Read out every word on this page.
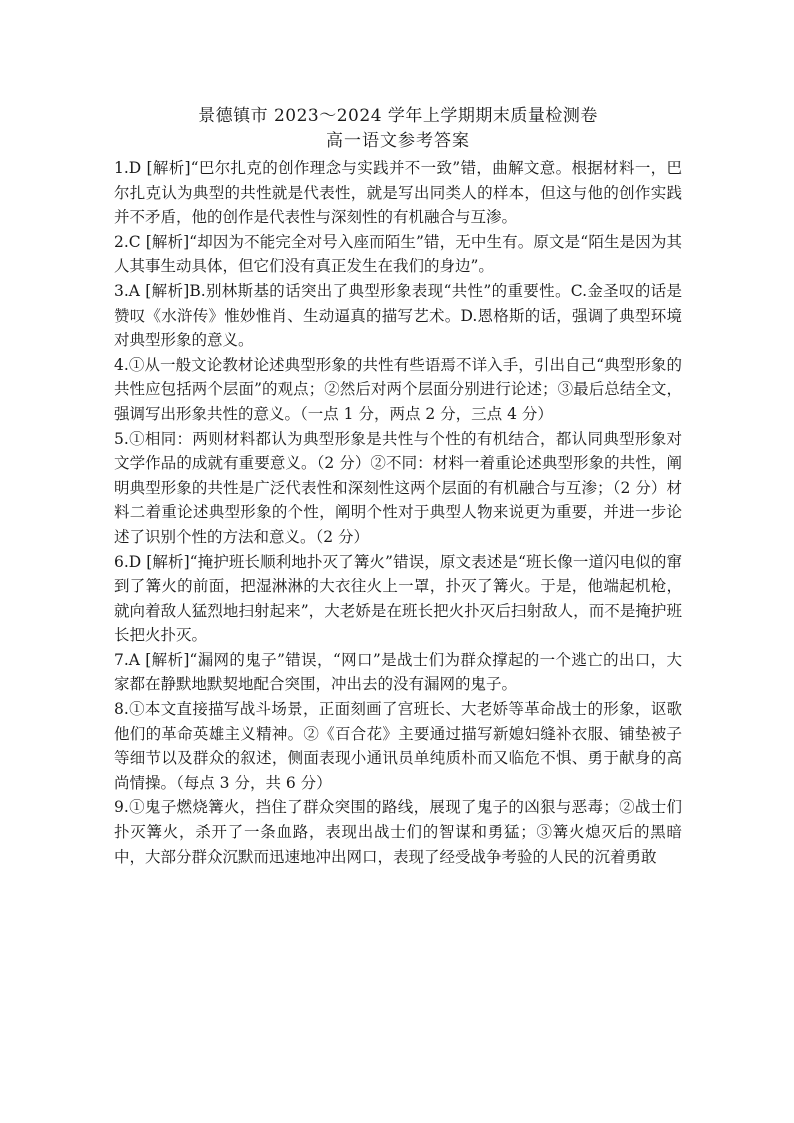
景德镇市 2023～2024 学年上学期期末质量检测卷
高一语文参考答案

1.D [解析]“巴尔扎克的创作理念与实践并不一致”错，曲解文意。根据材料一，巴尔扎克认为典型的共性就是代表性，就是写出同类人的样本，但这与他的创作实践并不矛盾，他的创作是代表性与深刻性的有机融合与互渗。

2.C [解析]“却因为不能完全对号入座而陌生”错，无中生有。原文是“陌生是因为其人其事生动具体，但它们没有真正发生在我们的身边”。

3.A [解析]B.别林斯基的话突出了典型形象表现“共性”的重要性。C.金圣叹的话是赞叹《水浒传》惟妙惟肖、生动逼真的描写艺术。D.恩格斯的话，强调了典型环境对典型形象的意义。

4.①从一般文论教材论述典型形象的共性有些语焉不详入手，引出自己“典型形象的共性应包括两个层面”的观点；②然后对两个层面分别进行论述；③最后总结全文，强调写出形象共性的意义。（一点 1 分，两点 2 分，三点 4 分）

5.①相同：两则材料都认为典型形象是共性与个性的有机结合，都认同典型形象对文学作品的成就有重要意义。（2 分）②不同：材料一着重论述典型形象的共性，阐明典型形象的共性是广泛代表性和深刻性这两个层面的有机融合与互渗；（2 分）材料二着重论述典型形象的个性，阐明个性对于典型人物来说更为重要，并进一步论述了识别个性的方法和意义。（2 分）

6.D [解析]“掩护班长顺利地扑灭了篝火”错误，原文表述是“班长像一道闪电似的窜到了篝火的前面，把湿淋淋的大衣往火上一罩，扑灭了篝火。于是，他端起机枪，就向着敌人猛烈地扫射起来”，大老娇是在班长把火扑灭后扫射敌人，而不是掩护班长把火扑灭。

7.A [解析]“漏网的鬼子”错误，“网口”是战士们为群众撑起的一个逃亡的出口，大家都在静默地默契地配合突围，冲出去的没有漏网的鬼子。

8.①本文直接描写战斗场景，正面刻画了宫班长、大老娇等革命战士的形象，讴歌他们的革命英雄主义精神。②《百合花》主要通过描写新媳妇缝补衣服、铺垫被子等细节以及群众的叙述，侧面表现小通讯员单纯质朴而又临危不惧、勇于献身的高尚情操。（每点 3 分，共 6 分）

9.①鬼子燃烧篝火，挡住了群众突围的路线，展现了鬼子的凶狠与恶毒；②战士们扑灭篝火，杀开了一条血路，表现出战士们的智谋和勇猛；③篝火熄灭后的黑暗中，大部分群众沉默而迅速地冲出网口，表现了经受战争考验的人民的沉着勇敢
